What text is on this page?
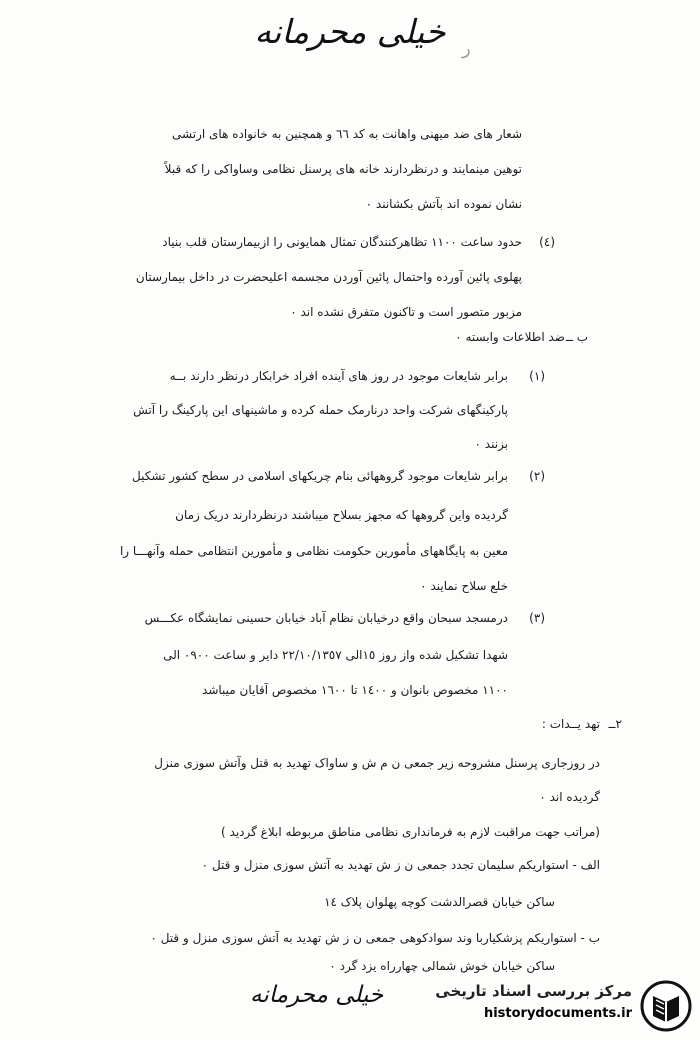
خیلی محرمانه ر
(٤)
ب ــ
(١)
(٢)
(٣)
٢ــ
شعار های ضد میهنی واهانت به کد ٦٦ و همچنین به خانواده های ارتشی
توهین مینمایند و درنظردارند خانه های پرسنل نظامی وساواکی را که قبلاً
نشان نموده اند بآتش بکشانند ۰
حدود ساعت ١١٠٠ تظاهرکنندگان تمثال همایونی را ازبیمارستان قلب بنیاد
پهلوی پائین آورده واحتمال پائین آوردن مجسمه اعلیحضرت در داخل بیمارستان
مزبور متصور است و تاکنون متفرق نشده اند ۰
ضد اطلاعات وابسته ۰
برابر شایعات موجود در روز های آینده افراد خرابکار درنظر دارند بــه
پارکینگهای شرکت واحد درنارمک حمله کرده و ماشینهای این پارکینگ را آتش
بزنند ۰
برابر شایعات موجود گروههائی بنام چریکهای اسلامی در سطح کشور تشکیل
گردیده واین گروهها که مجهز بسلاح میباشند درنظردارند دریک زمان
معین به پایگاههای مأمورین حکومت نظامی و مأمورین انتظامی حمله وآنهـــا را
خلع سلاح نمایند ۰
درمسجد سبحان واقع درخیابان نظام آباد خیابان حسینی نمایشگاه عکـــس
شهدا تشکیل شده واز روز ١٥الی ٢٢/١٠/١٣٥٧ دایر و ساعت ٠٩٠٠ الی
١١٠٠ مخصوص بانوان و ١٤٠٠ تا ١٦٠٠ مخصوص آقایان میباشد
تهد یــدات :
در روزجاری پرسنل مشروحه زیر جمعی ن م ش و ساواک تهدید به قتل وآتش سوزی منزل
گردیده اند ۰
(مراتب جهت مراقبت لازم به فرمانداری نظامی مناطق مربوطه ابلاغ گردید )
الف - استواریکم سلیمان تجدد جمعی ن ز ش تهدید به آتش سوزی منزل و قتل ۰
ساکن خیابان قصرالدشت کوچه پهلوان پلاک ١٤
ب - استواریکم پزشکیاربا وند سوادکوهی جمعی ن ز ش تهدید به آتش سوزی منزل و قتل ۰
ساکن خیابان خوش شمالی چهارراه یزد گرد ۰
خیلی محرمانه	مرکز بررسی اسناد تاریخی
historydocuments.ir
